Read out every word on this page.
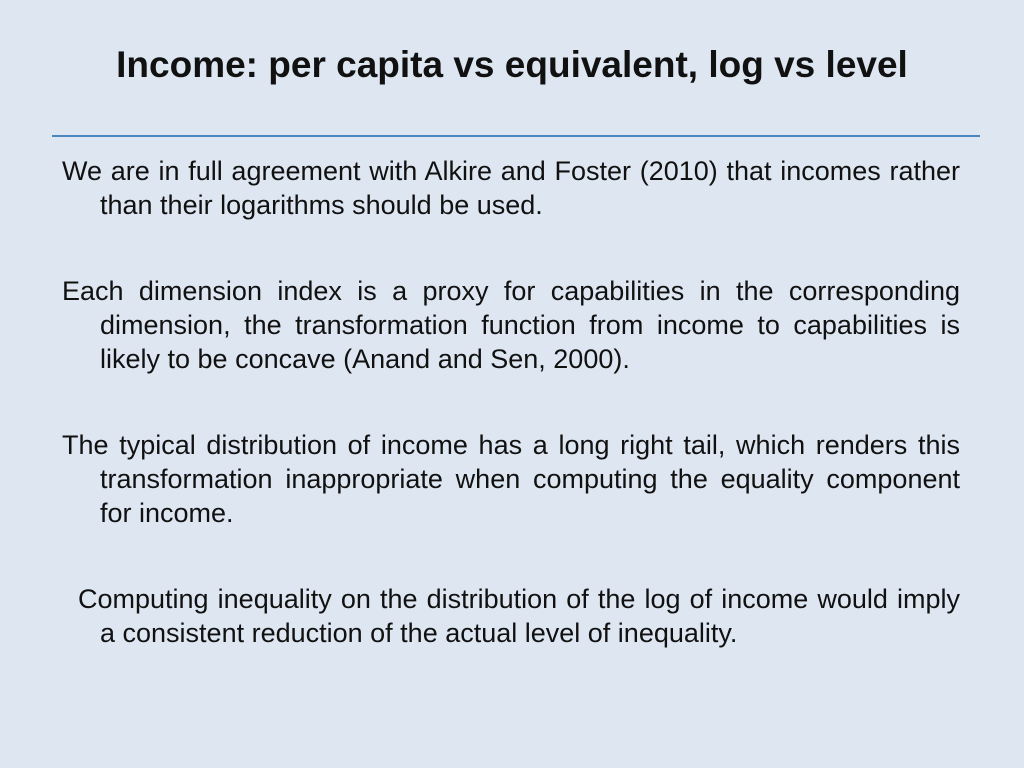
Income: per capita vs equivalent, log vs level

We are in full agreement with Alkire and Foster (2010) that incomes rather than their logarithms should be used.

Each dimension index is a proxy for capabilities in the corresponding dimension, the transformation function from income to capabilities is likely to be concave (Anand and Sen, 2000).

The typical distribution of income has a long right tail, which renders this transformation inappropriate when computing the equality component for income.

Computing inequality on the distribution of the log of income would imply a consistent reduction of the actual level of inequality.
